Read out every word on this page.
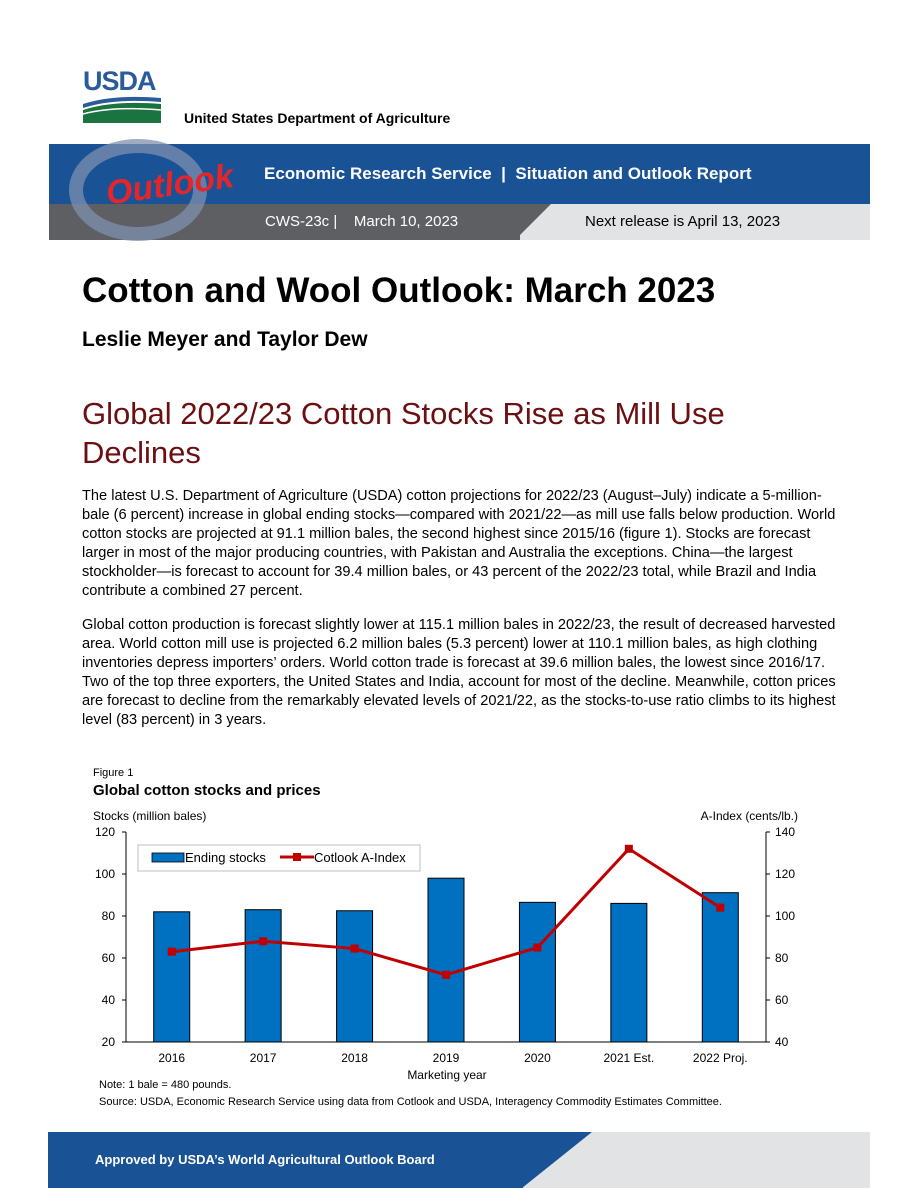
USDA
United States Department of Agriculture
Outlook Economic Research Service  |  Situation and Outlook Report
CWS-23c |    March 10, 2023	Next release is April 13, 2023
Cotton and Wool Outlook: March 2023
Leslie Meyer and Taylor Dew
Global 2022/23 Cotton Stocks Rise as Mill Use Declines
The latest U.S. Department of Agriculture (USDA) cotton projections for 2022/23 (August–July) indicate a 5-million-bale (6 percent) increase in global ending stocks—compared with 2021/22—as mill use falls below production. World cotton stocks are projected at 91.1 million bales, the second highest since 2015/16 (figure 1). Stocks are forecast larger in most of the major producing countries, with Pakistan and Australia the exceptions. China—the largest stockholder—is forecast to account for 39.4 million bales, or 43 percent of the 2022/23 total, while Brazil and India contribute a combined 27 percent.
Global cotton production is forecast slightly lower at 115.1 million bales in 2022/23, the result of decreased harvested area. World cotton mill use is projected 6.2 million bales (5.3 percent) lower at 110.1 million bales, as high clothing inventories depress importers’ orders. World cotton trade is forecast at 39.6 million bales, the lowest since 2016/17. Two of the top three exporters, the United States and India, account for most of the decline. Meanwhile, cotton prices are forecast to decline from the remarkably elevated levels of 2021/22, as the stocks-to-use ratio climbs to its highest level (83 percent) in 3 years.
Figure 1
Global cotton stocks and prices
Stocks (million bales)	A-Index (cents/lb.)
20
40
60
80
100
120
40
60
80
100
120
140
2016	2017	2018	2019	2020	2021 Est.	2022 Proj.
Marketing year
Ending stocks	Cotlook A-Index
Note: 1 bale = 480 pounds.
Source: USDA, Economic Research Service using data from Cotlook and USDA, Interagency Commodity Estimates Committee.
Approved by USDA’s World Agricultural Outlook Board
